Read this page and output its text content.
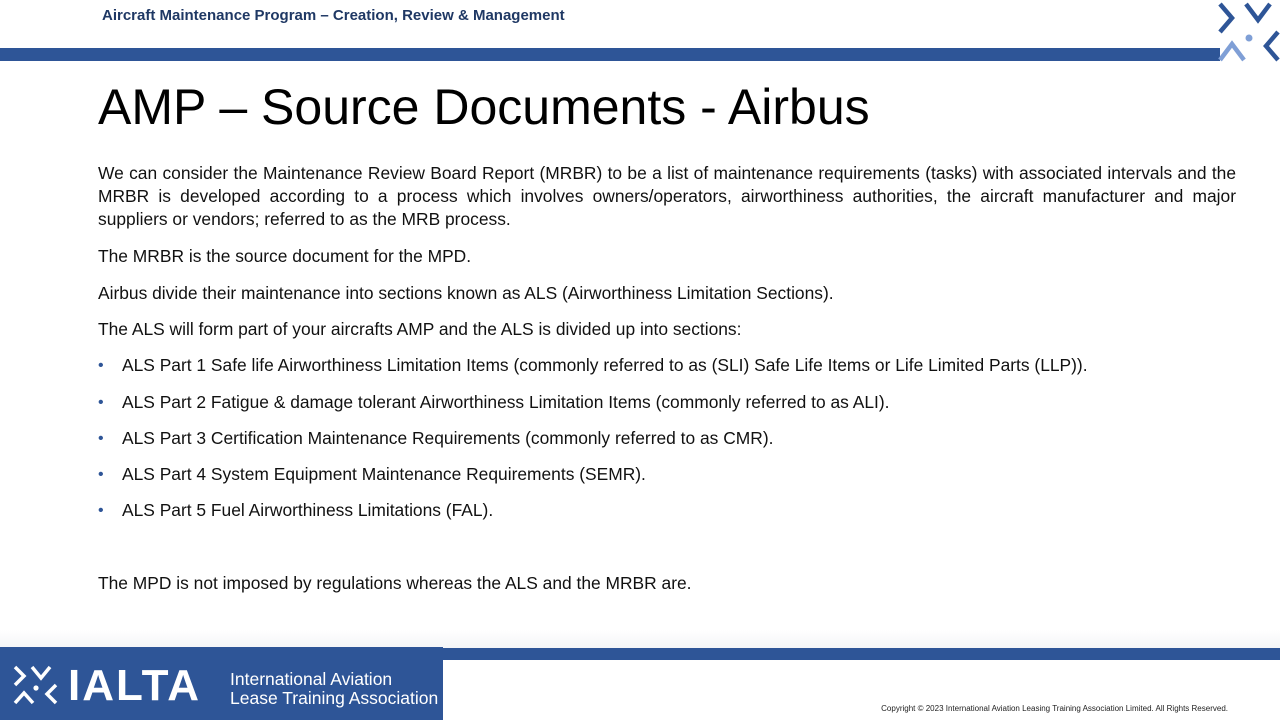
Aircraft Maintenance Program – Creation, Review & Management
AMP – Source Documents - Airbus
We can consider the Maintenance Review Board Report (MRBR) to be a list of maintenance requirements (tasks) with associated intervals and the MRBR is developed according to a process which involves owners/operators, airworthiness authorities, the aircraft manufacturer and major suppliers or vendors; referred to as the MRB process.
The MRBR is the source document for the MPD.
Airbus divide their maintenance into sections known as ALS (Airworthiness Limitation Sections).
The ALS will form part of your aircrafts AMP and the ALS is divided up into sections:
• ALS Part 1 Safe life Airworthiness Limitation Items (commonly referred to as (SLI) Safe Life Items or Life Limited Parts (LLP)).
• ALS Part 2 Fatigue & damage tolerant Airworthiness Limitation Items (commonly referred to as ALI).
• ALS Part 3 Certification Maintenance Requirements (commonly referred to as CMR).
• ALS Part 4 System Equipment Maintenance Requirements (SEMR).
• ALS Part 5 Fuel Airworthiness Limitations (FAL).
The MPD is not imposed by regulations whereas the ALS and the MRBR are.
IALTA International Aviation
Lease Training Association
Copyright © 2023 International Aviation Leasing Training Association Limited. All Rights Reserved.
